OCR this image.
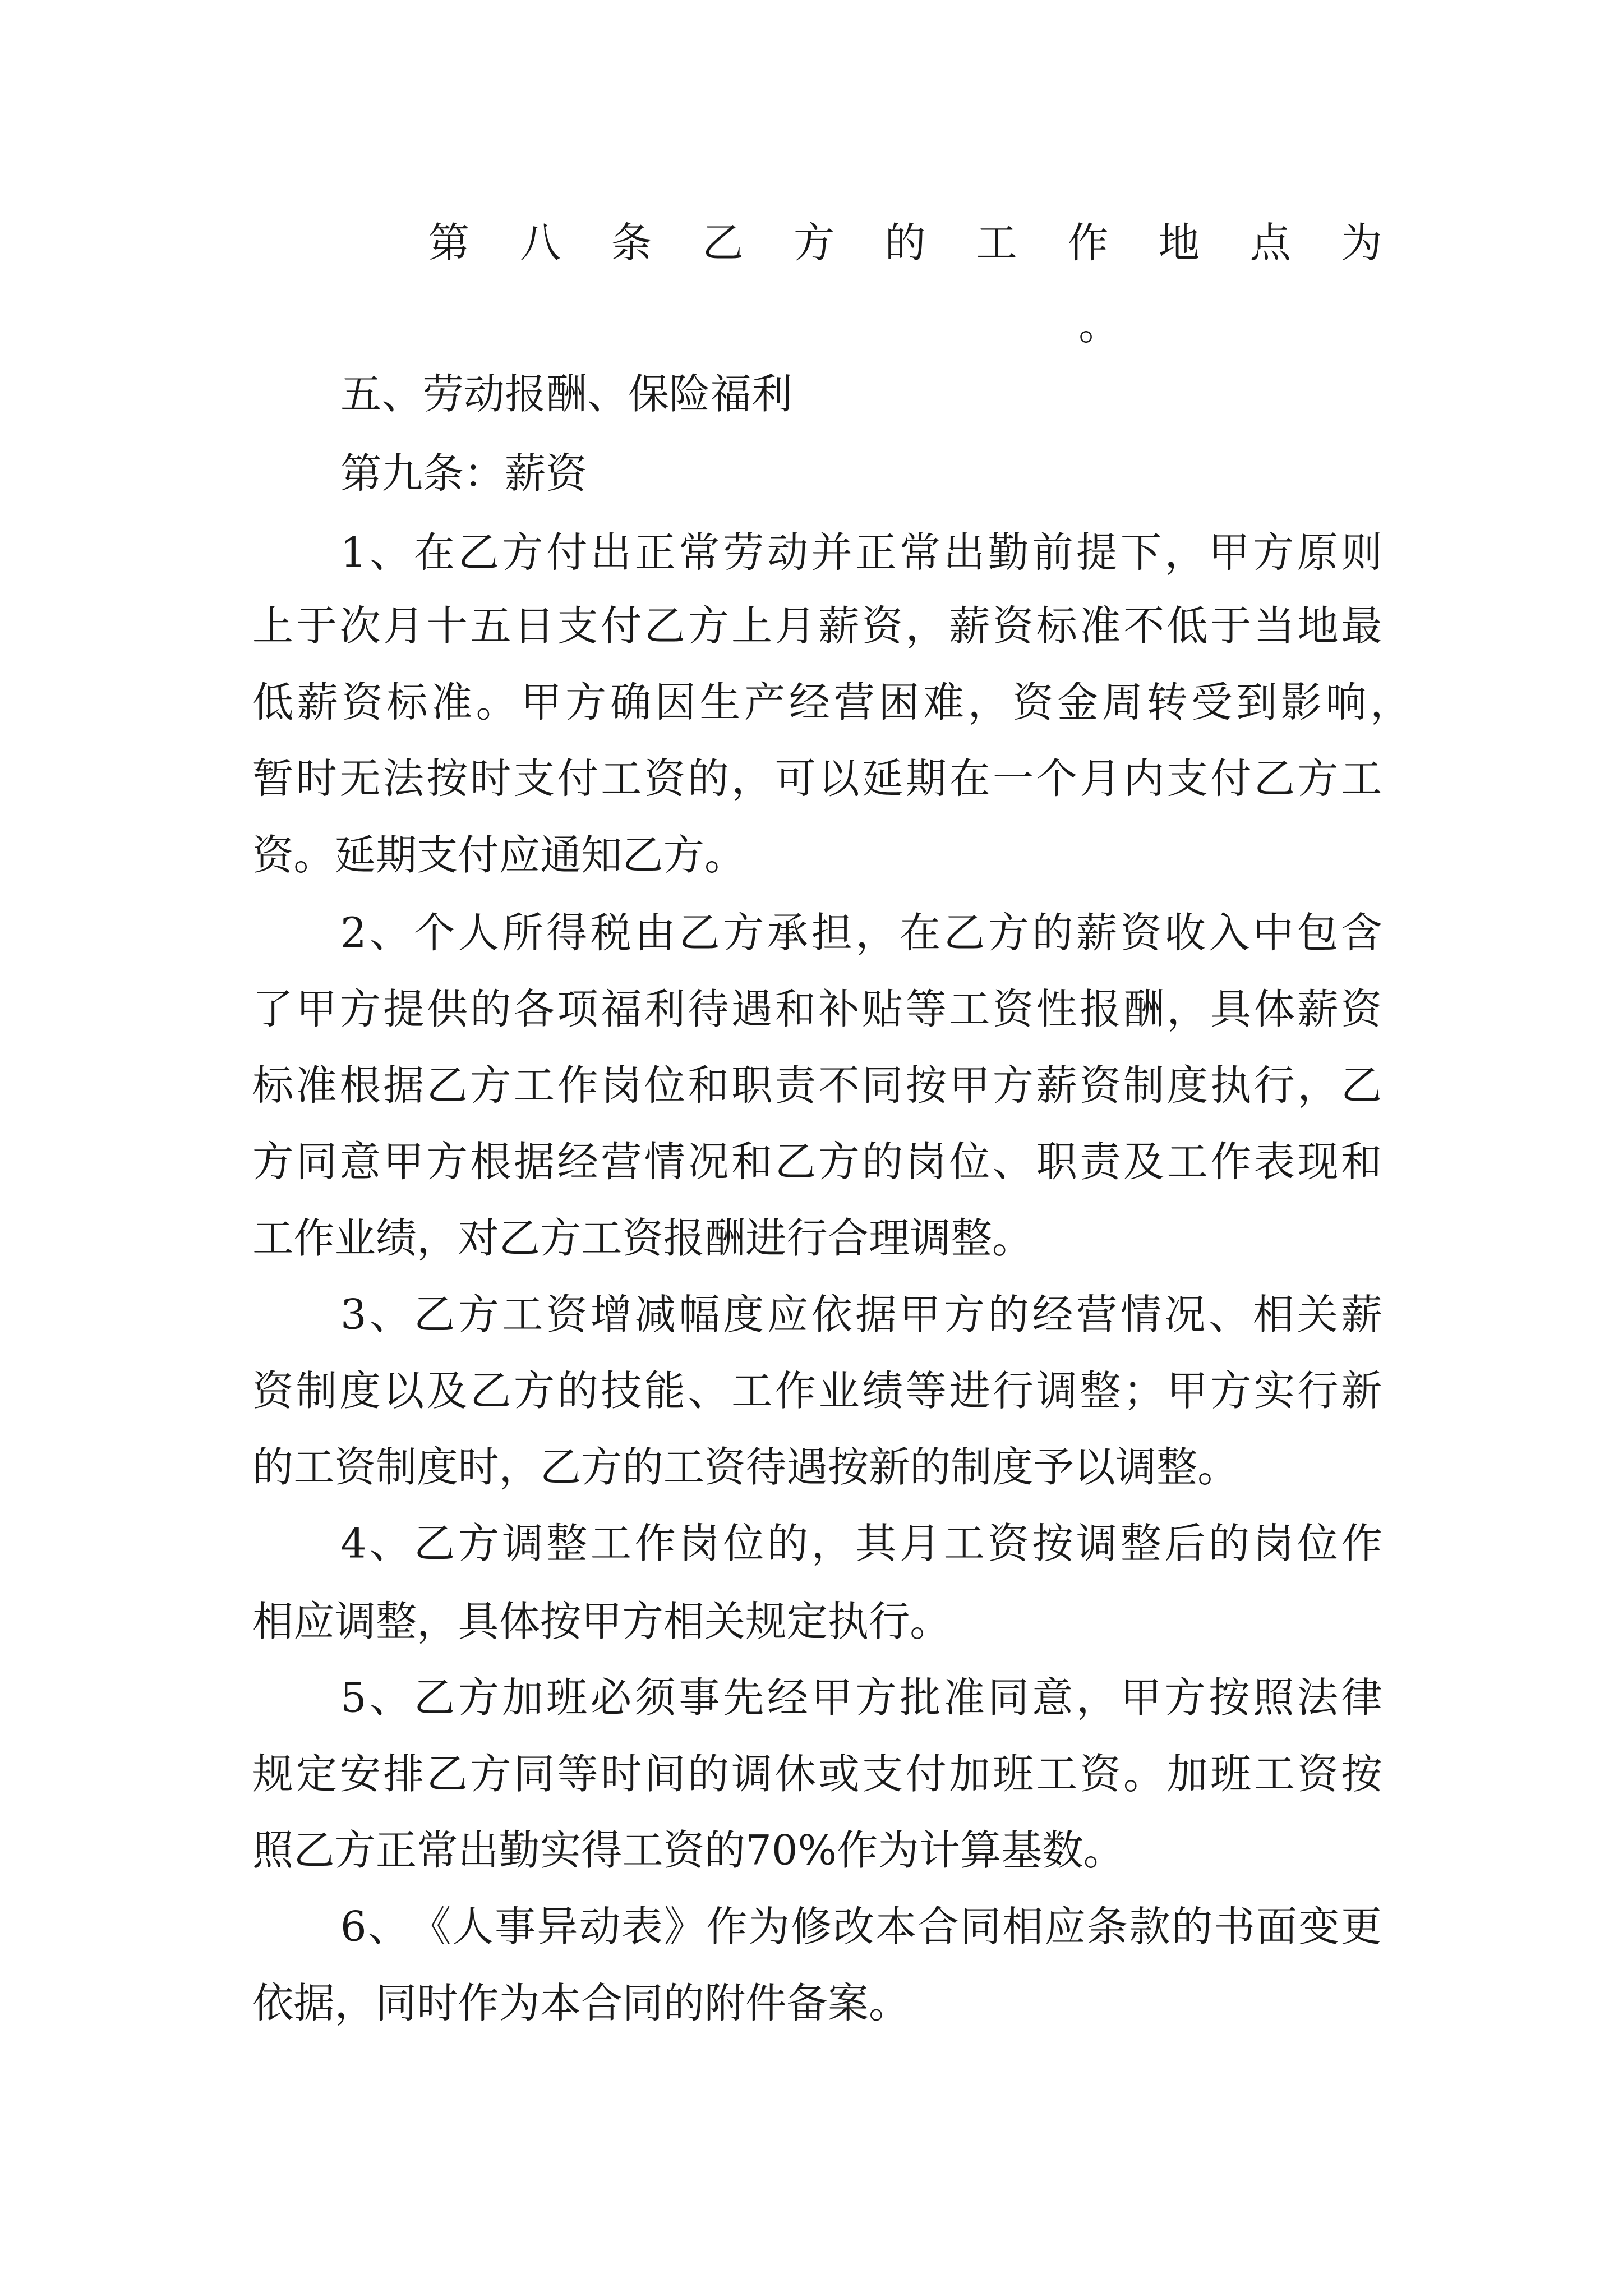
第	八	条	乙	方	的	工	作	地	点	为
。
五、劳动报酬、保险福利
第九条：薪资
1 、 在 乙 方 付 出 正 常 劳 动 并 正 常 出 勤 前 提 下 ， 甲 方 原 则
上 于 次 月 十 五 日 支 付 乙 方 上 月 薪 资 ， 薪 资 标 准 不 低 于 当 地 最
低 薪 资 标 准 。 甲 方 确 因 生 产 经 营 困 难 ， 资 金 周 转 受 到 影 响 ，
暂 时 无 法 按 时 支 付 工 资 的 ， 可 以 延 期 在 一 个 月 内 支 付 乙 方 工
资。延期支付应通知乙方。
2 、 个 人 所 得 税 由 乙 方 承 担 ， 在 乙 方 的 薪 资 收 入 中 包 含
了 甲 方 提 供 的 各 项 福 利 待 遇 和 补 贴 等 工 资 性 报 酬 ， 具 体 薪 资
标 准 根 据 乙 方 工 作 岗 位 和 职 责 不 同 按 甲 方 薪 资 制 度 执 行 ， 乙
方 同 意 甲 方 根 据 经 营 情 况 和 乙 方 的 岗 位 、 职 责 及 工 作 表 现 和
工作业绩，对乙方工资报酬进行合理调整。
3 、 乙 方 工 资 增 减 幅 度 应 依 据 甲 方 的 经 营 情 况 、 相 关 薪
资 制 度 以 及 乙 方 的 技 能 、 工 作 业 绩 等 进 行 调 整 ； 甲 方 实 行 新
的工资制度时，乙方的工资待遇按新的制度予以调整。
4 、 乙 方 调 整 工 作 岗 位 的 ， 其 月 工 资 按 调 整 后 的 岗 位 作
相应调整，具体按甲方相关规定执行。
5 、 乙 方 加 班 必 须 事 先 经 甲 方 批 准 同 意 ， 甲 方 按 照 法 律
规 定 安 排 乙 方 同 等 时 间 的 调 休 或 支 付 加 班 工 资 。 加 班 工 资 按
照乙方正常出勤实得工资的70%作为计算基数。
6 、 《 人 事 异 动 表 》 作 为 修 改 本 合 同 相 应 条 款 的 书 面 变 更
依据，同时作为本合同的附件备案。
